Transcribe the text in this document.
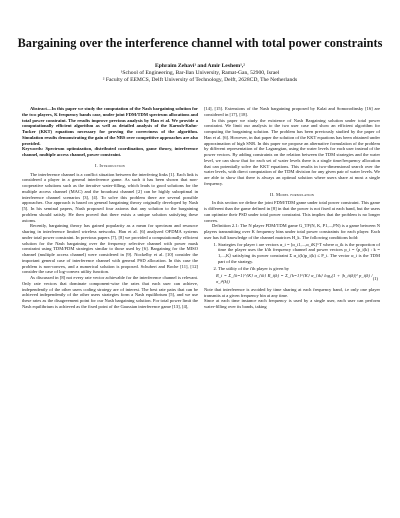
Bargaining over the interference channel with total power constraints
Ephraim Zehavi¹ and Amir Leshem¹,²
¹School of Engineering, Bar-Ilan University, Ramat-Gan, 52900, Israel
² Faculty of EEMCS, Delft University of Technology, Delft, 2628CD, The Netherlands

Abstract—In this paper we study the computation of the Nash bargaining solution for the two players, K frequency bands case, under joint FDM/TDM spectrum allocations and total power constraint. The results improve previous analysis by Han et al. We provide a computationally efficient algorithm as well as detailed analysis of the Karush-Kuhn-Tucker (KKT) equations necessary for proving the correctness of the algorithm. Simulation results demonstrating the gain of the NBS over competitive approaches are also provided.

Keywords: Spectrum optimization, distributed coordination, game theory, interference channel, multiple access channel, power constraint.

I. Introduction

The interference channel is a conflict situation between the interfering links [1]. Each link is considered a player in a general interference game. As such it has been shown that non-cooperative solutions such as the iterative water-filling, which leads to good solutions for the multiple access channel (MAC) and the broadcast channel [2] can be highly suboptimal in interference channel scenarios [3], [4]. To solve this problem there are several possible approaches. Our approach is based on general bargaining theory originally developed by Nash [5]. In his seminal papers, Nash proposed four axioms that any solution to the bargaining problem should satisfy. He then proved that there exists a unique solution satisfying these axioms.

Recently, bargaining theory has gained popularity as a mean for spectrum and resource sharing in interference limited wireless networks. Han et al. [6] analyzed OFDMA systems under total power constraint. In previous papers [7], [8] we provided a computationally efficient solution for the Nash bargaining over the frequency selective channel with power mask constraint using TDM/FDM strategies similar to those used by [6]. Bargaining for the MISO channel (multiple access channel) were considered in [9]. Nockelby et al. [10] consider the important general case of interference channel with general PSD allocation. In this case the problem is non-convex, and a numerical solution is proposed. Schubert and Boche [11], [12] consider the case of log-convex utility function.

As discussed in [8] not every rate vector achievable for the interference channel is relevant. Only rate vectors that dominate component-wise the rates that each user can achieve, independently of the other users coding strategy are of interest. The best rate pairs that can be achieved independently of the other users strategies form a Nash equilibrium [5], and we use these rates as the disagreement point for our Nash bargaining solution. For total power limit the Nash equilibrium is achieved as the fixed point of the Gaussian interference game [13], [4],

[14], [15]. Extensions of the Nash bargaining proposed by Kalai and Somorodinsky [16] are considered in [17], [18].

In this paper we study the existence of Nash Bargaining solution under total power constraint. We limit our analysis to the two user case and show an efficient algorithm for computing the bargaining solution. The problem has been previously studied by the paper of Han et al. [6]. However, in that paper the solution of the KKT equations has been obtained under approximation of high SNR. In this paper we propose an alternative formulation of the problem by different representation of the Lagrangian, using the water levels for each user instead of the power vectors. By adding constraints on the relation between the TDM strategies and the water level, we can show that for each set of water levels there is a single time/frequency allocation that can potentially solve the KKT equations. This results in two-dimensional search over the water levels, with direct computation of the TDM division for any given pair of water levels. We are able to show that there is always an optimal solution where users share at most a single frequency.

II. Model formulation

In this section we define the joint FDM/TDM game under total power constraint. This game is different than the game defined in [8] in that the power is not fixed at each band, but the users can optimize their PSD under total power constraint. This implies that the problem is no longer convex.

Definition 2.1: The N player FDM/TDM game G_TF(N, K, P1,...,PN) is a game between N players transmitting over K frequency bins under total power constraints for each player. Each user has full knowledge of the channel matrices H_k. The following conditions hold:

1. Strategies for player i are vectors α_i = [α_i1,...,α_iK]^T where α_ik is the proportion of time the player uses the k'th frequency channel and power vectors p_i = ⟨p_i(k) : k = 1,...,K⟩ satisfying its power constraint Σ α_i(k)p_i(k) ≤ P_i. The vector α_i is the TDM part of the strategy.
2. The utility of the i'th player is given by
R_i = Σ_{k=1}^{K} α_{ik} R_i(k) = Σ_{k=1}^{K} α_{ik} log₂(1 + |h_ii(k)|² p_i(k) / σ_i²(k))
(1)

Note that interference is avoided by time sharing at each frequency band, i.e only one player transmits at a given frequency bin at any time.

Since at each time instance each frequency is used by a single user, each user can perform water-filling over its bands, taking
